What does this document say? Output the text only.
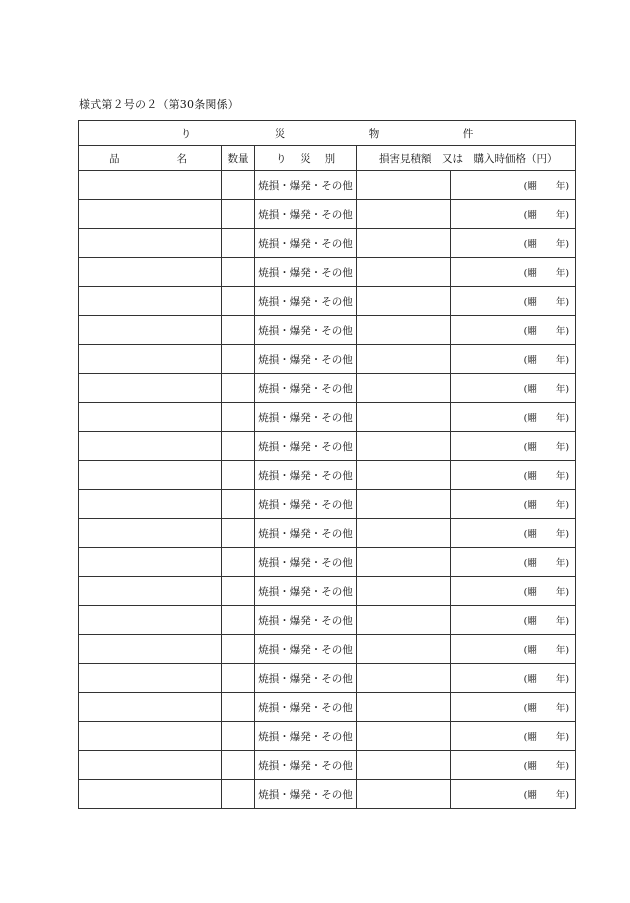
様式第２号の２（第30条関係）
り 災 物 件				

品 名	数量	り 災 別	損害見積額　又は　購入時価格（円）	
		焼損・爆発・その他		(翢　　年)
		焼損・爆発・その他		(翢　　年)
		焼損・爆発・その他		(翢　　年)
		焼損・爆発・その他		(翢　　年)
		焼損・爆発・その他		(翢　　年)
		焼損・爆発・その他		(翢　　年)
		焼損・爆発・その他		(翢　　年)
		焼損・爆発・その他		(翢　　年)
		焼損・爆発・その他		(翢　　年)
		焼損・爆発・その他		(翢　　年)
		焼損・爆発・その他		(翢　　年)
		焼損・爆発・その他		(翢　　年)
		焼損・爆発・その他		(翢　　年)
		焼損・爆発・その他		(翢　　年)
		焼損・爆発・その他		(翢　　年)
		焼損・爆発・その他		(翢　　年)
		焼損・爆発・その他		(翢　　年)
		焼損・爆発・その他		(翢　　年)
		焼損・爆発・その他		(翢　　年)
		焼損・爆発・その他		(翢　　年)
		焼損・爆発・その他		(翢　　年)
		焼損・爆発・その他		(翢　　年)
